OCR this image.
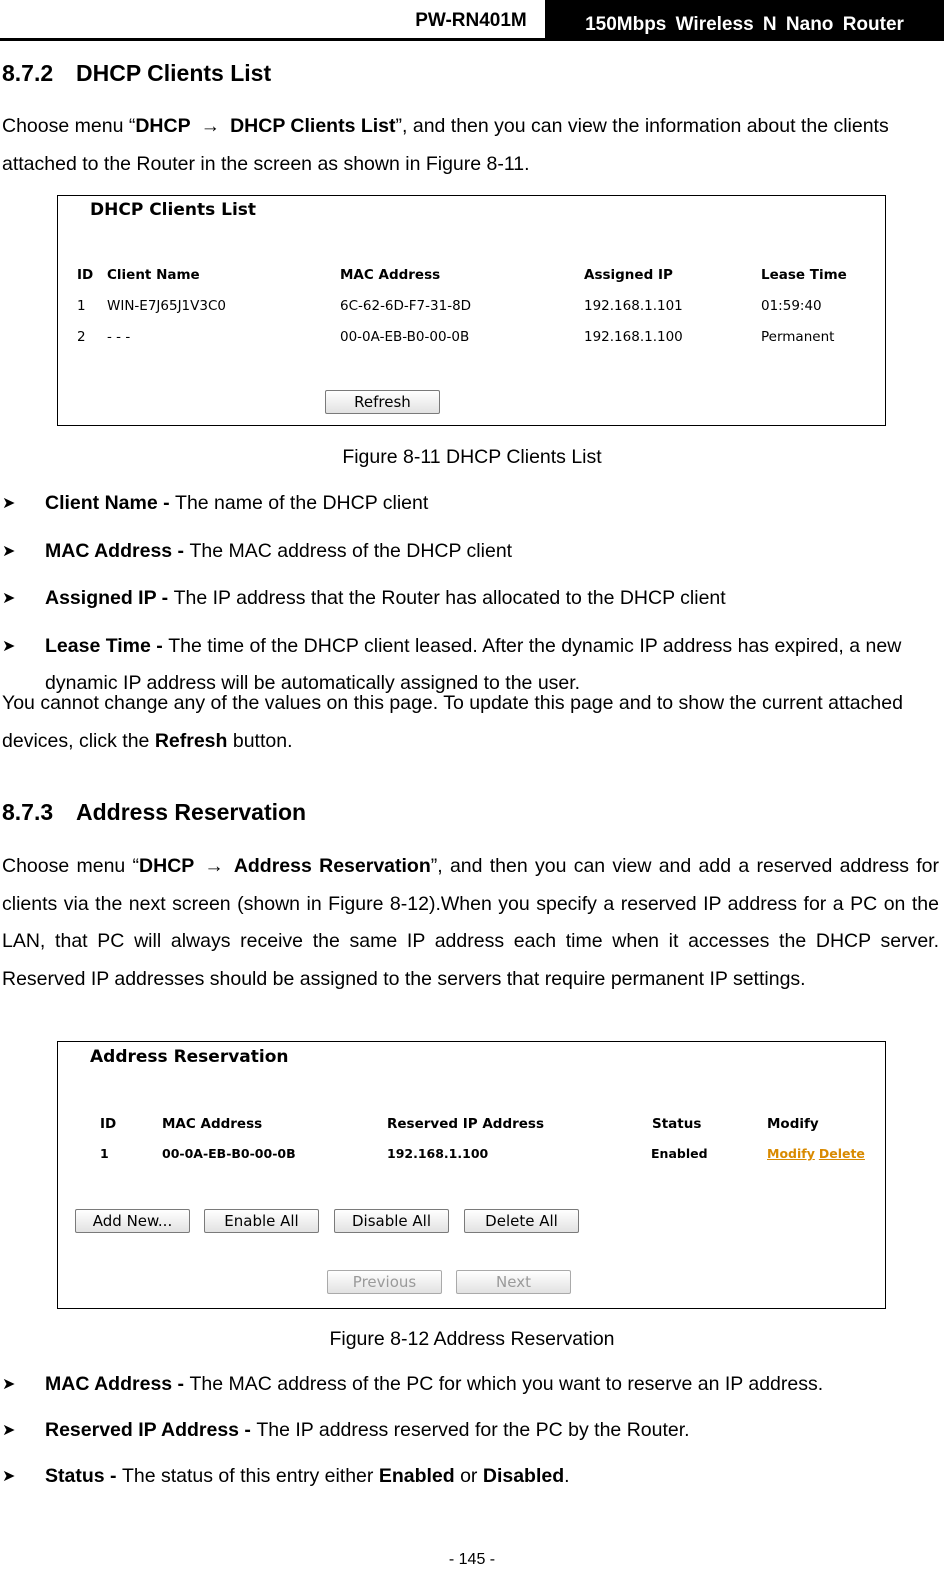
PW-RN401M	150Mbps Wireless N Nano Router
8.7.2 DHCP Clients List

Choose menu “DHCP → DHCP Clients List”, and then you can view the information about the clients attached to the Router in the screen as shown in Figure 8-11.

DHCP Clients List
ID Client Name	MAC Address	Assigned IP	Lease Time
1 WIN-E7J65J1V3C0	6C-62-6D-F7-31-8D	192.168.1.101	01:59:40
2 - - -	00-0A-EB-B0-00-0B	192.168.1.100	Permanent
Refresh
Figure 8-11 DHCP Clients List
➤ Client Name - The name of the DHCP client
➤ MAC Address - The MAC address of the DHCP client
➤ Assigned IP - The IP address that the Router has allocated to the DHCP client
➤ Lease Time - The time of the DHCP client leased. After the dynamic IP address has expired, a new dynamic IP address will be automatically assigned to the user.

You cannot change any of the values on this page. To update this page and to show the current attached devices, click the Refresh button.

8.7.3 Address Reservation

Choose menu “DHCP → Address Reservation”, and then you can view and add a reserved address for clients via the next screen (shown in Figure 8-12).When you specify a reserved IP address for a PC on the LAN, that PC will always receive the same IP address each time when it accesses the DHCP server. Reserved IP addresses should be assigned to the servers that require permanent IP settings.

Address Reservation
ID	MAC Address	Reserved IP Address	Status	Modify
1	00-0A-EB-B0-00-0B	192.168.1.100	Enabled	Modify Delete
Add New...	Enable All	Disable All	Delete All
Previous	Next
Figure 8-12 Address Reservation
➤ MAC Address - The MAC address of the PC for which you want to reserve an IP address.
➤ Reserved IP Address - The IP address reserved for the PC by the Router.
➤ Status - The status of this entry either Enabled or Disabled.
- 145 -
